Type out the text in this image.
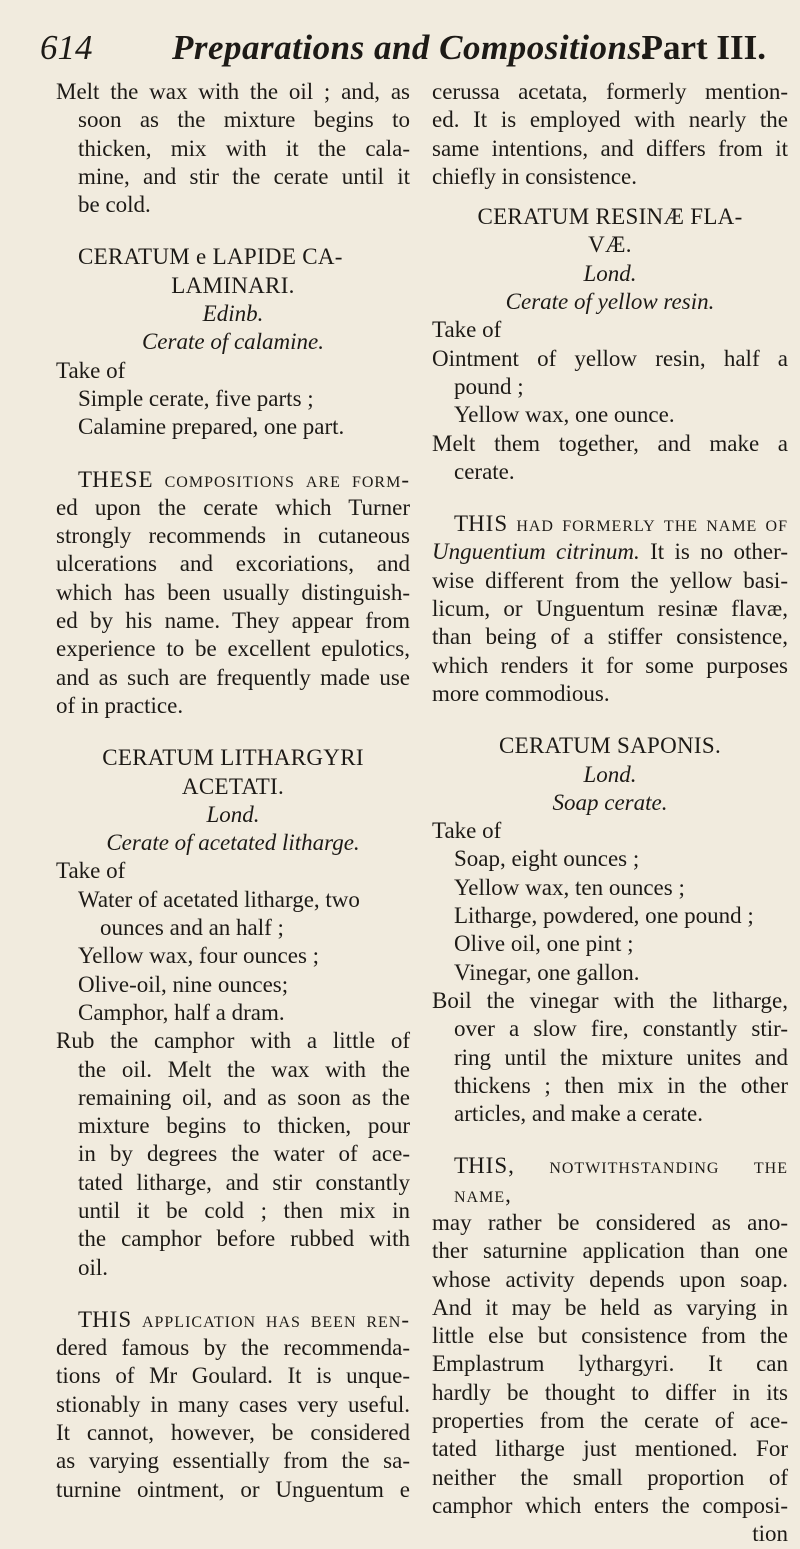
614 Preparations and Compositions.
Part III.

Melt the wax with the oil ; and, as

soon as the mixture begins to

thicken, mix with it the cala-

mine, and stir the cerate until it

be cold.

CERATUM e LAPIDE CA-

LAMINARI.

Edinb.

Cerate of calamine.

Take of

Simple cerate, five parts ;

Calamine prepared, one part.

THESE compositions are form-

ed upon the cerate which Turner

strongly recommends in cutaneous

ulcerations and excoriations, and

which has been usually distinguish-

ed by his name. They appear from

experience to be excellent epulotics,

and as such are frequently made use

of in practice.

CERATUM LITHARGYRI

ACETATI.

Lond.

Cerate of acetated litharge.

Take of

Water of acetated litharge, two

ounces and an half ;

Yellow wax, four ounces ;

Olive-oil, nine ounces;

Camphor, half a dram.

Rub the camphor with a little of

the oil. Melt the wax with the

remaining oil, and as soon as the

mixture begins to thicken, pour

in by degrees the water of ace-

tated litharge, and stir constantly

until it be cold ; then mix in

the camphor before rubbed with

oil.

THIS application has been ren-

dered famous by the recommenda-

tions of Mr Goulard. It is unque-

stionably in many cases very useful.

It cannot, however, be considered

as varying essentially from the sa-

turnine ointment, or Unguentum e

cerussa acetata, formerly mention-

ed. It is employed with nearly the

same intentions, and differs from it

chiefly in consistence.

CERATUM RESINÆ FLA-

VÆ.

Lond.

Cerate of yellow resin.

Take of

Ointment of yellow resin, half a

pound ;

Yellow wax, one ounce.

Melt them together, and make a

cerate.

THIS had formerly the name of

Unguentium citrinum. It is no other-

wise different from the yellow basi-

licum, or Unguentum resinæ flavæ,

than being of a stiffer consistence,

which renders it for some purposes

more commodious.

CERATUM SAPONIS.

Lond.

Soap cerate.

Take of

Soap, eight ounces ;

Yellow wax, ten ounces ;

Litharge, powdered, one pound ;

Olive oil, one pint ;

Vinegar, one gallon.

Boil the vinegar with the litharge,

over a slow fire, constantly stir-

ring until the mixture unites and

thickens ; then mix in the other

articles, and make a cerate.

THIS, notwithstanding the name,

may rather be considered as ano-

ther saturnine application than one

whose activity depends upon soap.

And it may be held as varying in

little else but consistence from the

Emplastrum lythargyri. It can

hardly be thought to differ in its

properties from the cerate of ace-

tated litharge just mentioned. For

neither the small proportion of

camphor which enters the composi-

tion
